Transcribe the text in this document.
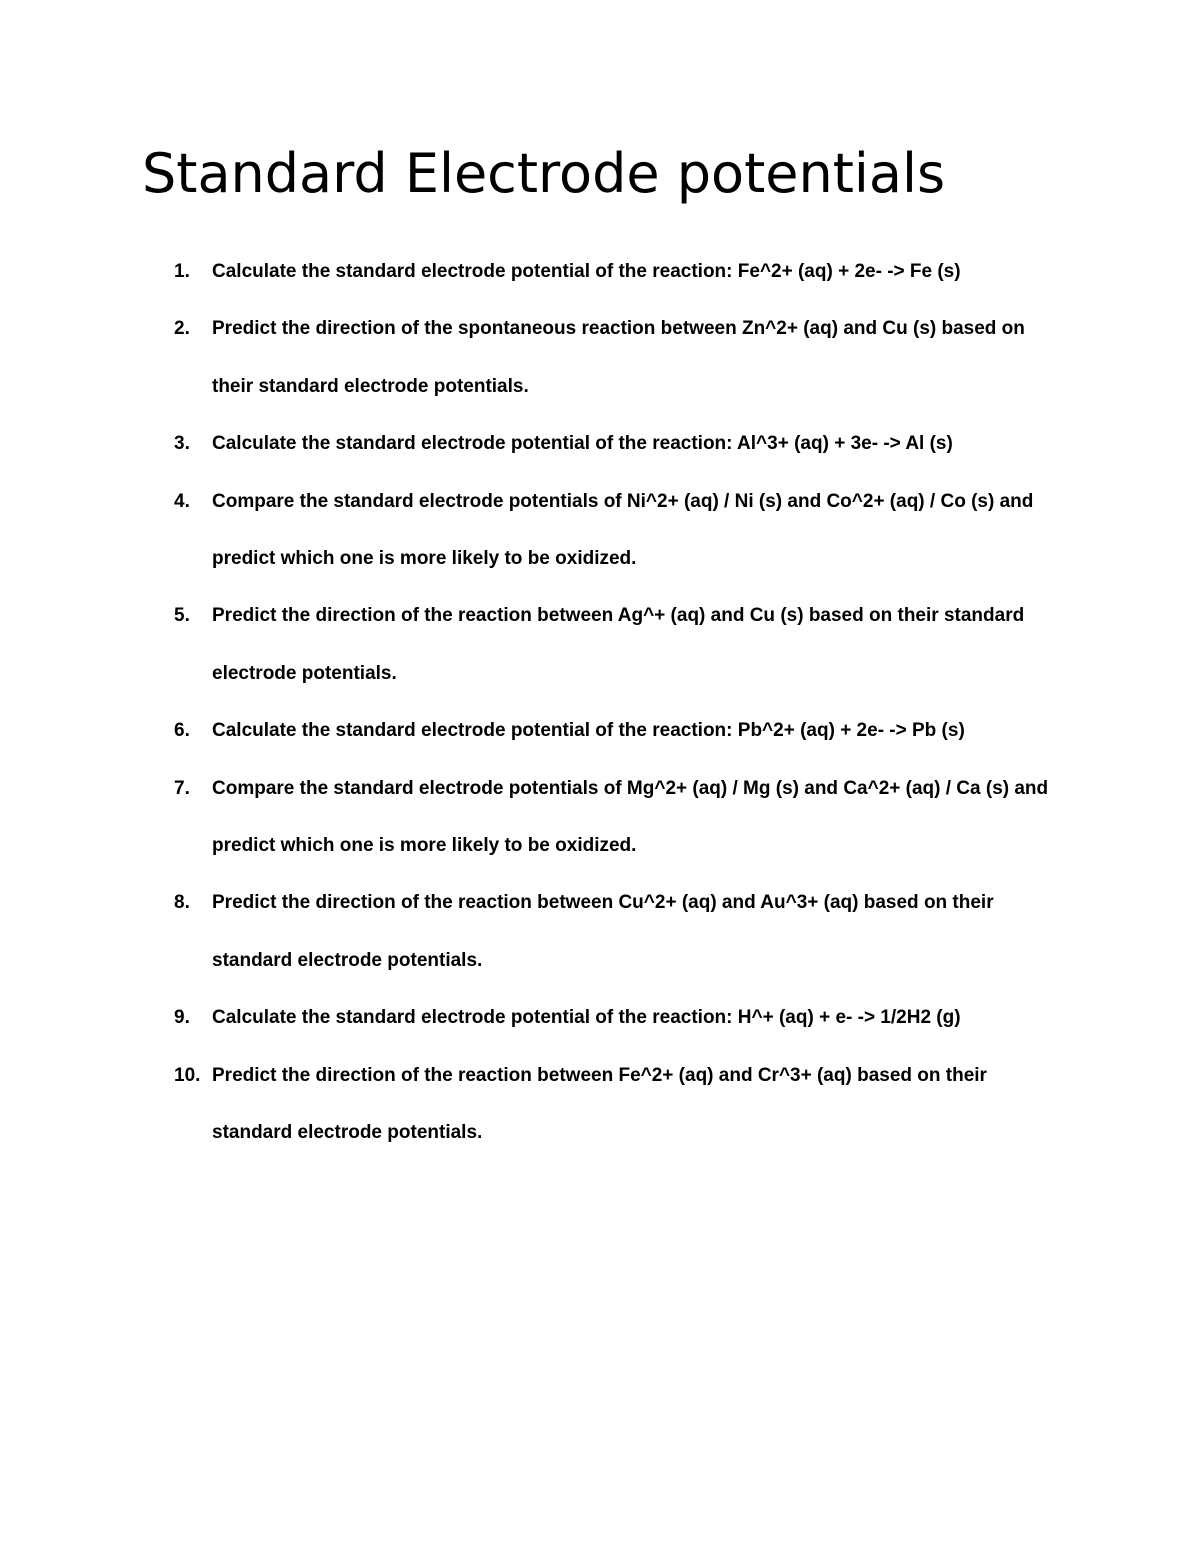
Standard Electrode potentials
1.	Calculate the standard electrode potential of the reaction: Fe^2+ (aq) + 2e- -> Fe (s)
2.	Predict the direction of the spontaneous reaction between Zn^2+ (aq) and Cu (s) based on their standard electrode potentials.
3.	Calculate the standard electrode potential of the reaction: Al^3+ (aq) + 3e- -> Al (s)
4.	Compare the standard electrode potentials of Ni^2+ (aq) / Ni (s) and Co^2+ (aq) / Co (s) and predict which one is more likely to be oxidized.
5.	Predict the direction of the reaction between Ag^+ (aq) and Cu (s) based on their standard electrode potentials.
6.	Calculate the standard electrode potential of the reaction: Pb^2+ (aq) + 2e- -> Pb (s)
7.	Compare the standard electrode potentials of Mg^2+ (aq) / Mg (s) and Ca^2+ (aq) / Ca (s) and predict which one is more likely to be oxidized.
8.	Predict the direction of the reaction between Cu^2+ (aq) and Au^3+ (aq) based on their standard electrode potentials.
9.	Calculate the standard electrode potential of the reaction: H^+ (aq) + e- -> 1/2H2 (g)
10. Predict the direction of the reaction between Fe^2+ (aq) and Cr^3+ (aq) based on their standard electrode potentials.
